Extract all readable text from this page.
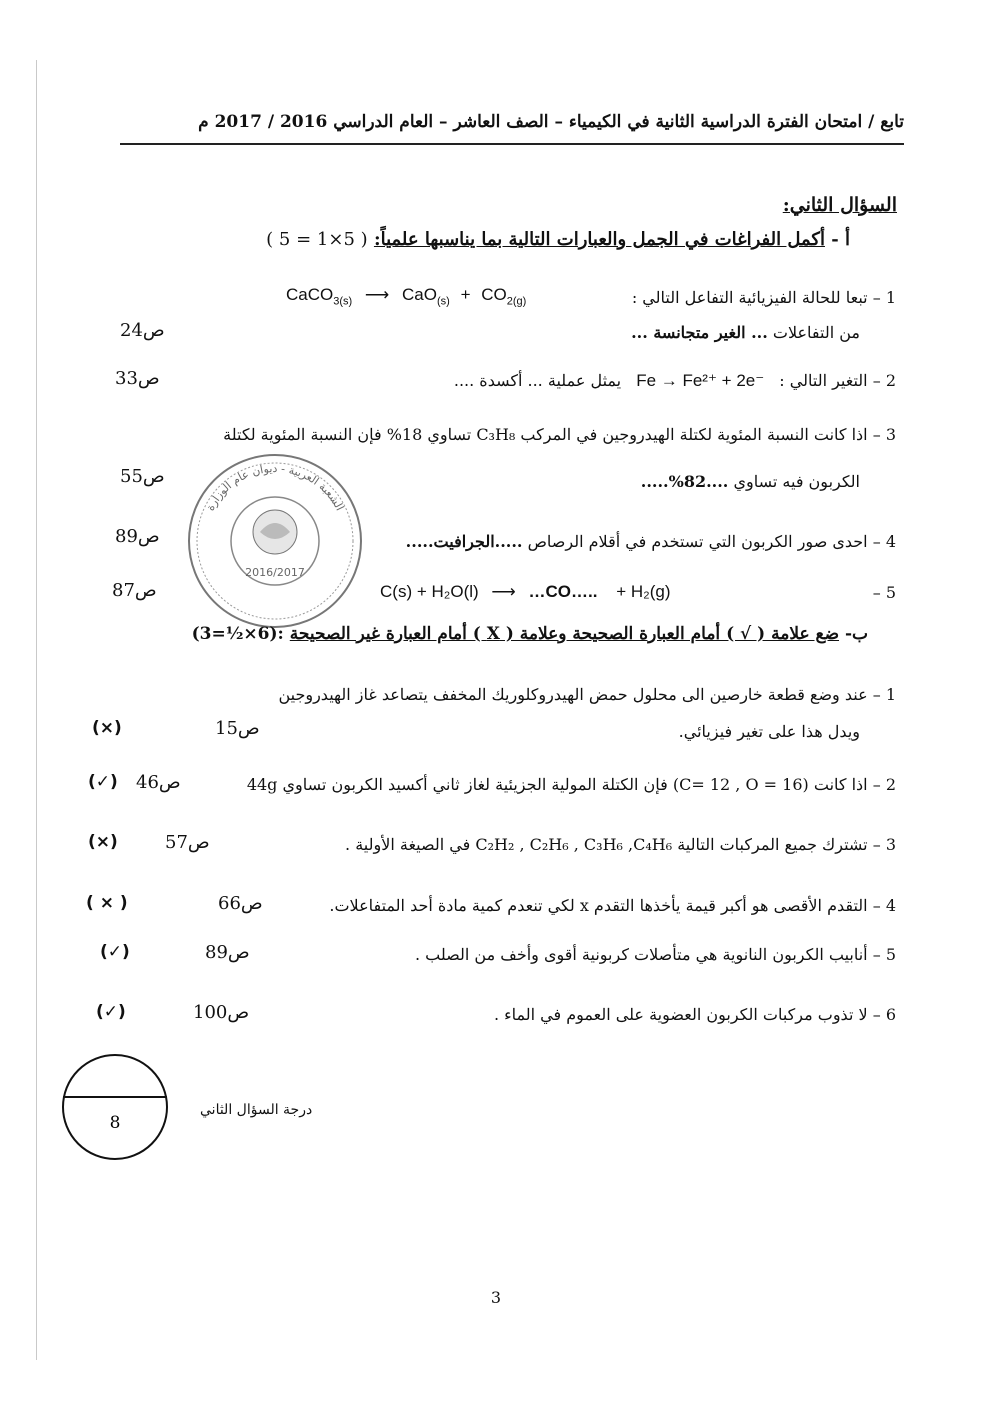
تابع / امتحان الفترة الدراسية الثانية في الكيمياء – الصف العاشر – العام الدراسي 2016 / 2017 م
السؤال الثاني:
أ - أكمل الفراغات في الجمل والعبارات التالية بما يناسبها علمياً: ( 5×1 = 5 )
CaCO$_{3(s)}$ ⟶ $CaO_{(s)} + CO_{2(g)}$	1 – تبعا للحالة الفيزيائية التفاعل التالي :
من التفاعلات ... الغير متجانسة ...
ص24
2 – التغير التالي : Fe → Fe²⁺ + 2e⁻ يمثل عملية ... أكسدة ....
ص33
3 – اذا كانت النسبة المئوية لكتلة الهيدروجين في المركب C₃H₈ تساوي 18% فإن النسبة المئوية لكتلة
الكربون فيه تساوي ....82%.....
ص55
4 – احدى صور الكربون التي تستخدم في أقلام الرصاص .....الجرافيت.....
ص89
5 –
C(s) + H₂O(l) ⟶ …CO….. + H₂(g)
ص87
الشعبة العربية - ديوان عام الوزارة
2016/2017
ب- ضع علامة ( √ ) أمام العبارة الصحيحة وعلامة ( X ) أمام العبارة غير الصحيحة :(6×½=3)
1 – عند وضع قطعة خارصين الى محلول حمض الهيدروكلوريك المخفف يتصاعد غاز الهيدروجين
ويدل هذا على تغير فيزيائي.
ص15
(×)
2 – اذا كانت (C= 12 , O = 16) فإن الكتلة المولية الجزيئية لغاز ثاني أكسيد الكربون تساوي 44g
ص46
(✓)
3 – تشترك جميع المركبات التالية C₂H₂ , C₂H₆ , C₃H₆ ,C₄H₆ في الصيغة الأولية .
ص57
(×)
4 – التقدم الأقصى هو أكبر قيمة يأخذها التقدم x لكي تنعدم كمية مادة أحد المتفاعلات.
ص66
( × )
5 – أنابيب الكربون النانوية هي متأصلات كربونية أقوى وأخف من الصلب .
ص89
(✓)
6 – لا تذوب مركبات الكربون العضوية على العموم في الماء .
ص100
(✓)
8
درجة السؤال الثاني
3
